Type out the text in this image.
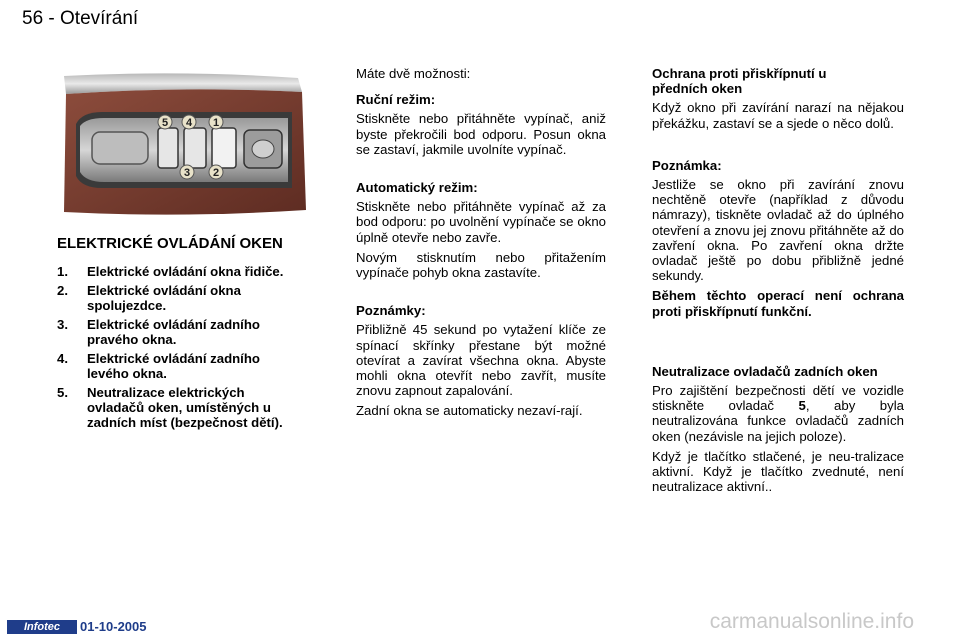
56 - Otevírání
5 4 1
3 2
ELEKTRICKÉ OVLÁDÁNÍ OKEN
1. Elektrické ovládání okna řidiče.
2. Elektrické ovládání okna spolujezdce.
3. Elektrické ovládání zadního pravého okna.
4. Elektrické ovládání zadního levého okna.
5. Neutralizace elektrických ovladačů oken, umístěných u zadních míst (bezpečnost dětí).

Máte dvě možnosti:

Ruční režim:

Stiskněte nebo přitáhněte vypínač, aniž byste překročili bod odporu. Posun okna se zastaví, jakmile uvolníte vypínač.

Automatický režim:

Stiskněte nebo přitáhněte vypínač až za bod odporu: po uvolnění vypínače se okno úplně otevře nebo zavře.

Novým stisknutím nebo přitažením vypínače pohyb okna zastavíte.

Poznámky:

Přibližně 45 sekund po vytažení klíče ze spínací skřínky přestane být možné otevírat a zavírat všechna okna. Abyste mohli okna otevřít nebo zavřít, musíte znovu zapnout zapalování.

Zadní okna se automaticky nezaví-rají.

Ochrana proti přiskřípnutí u předních oken

Když okno při zavírání narazí na nějakou překážku, zastaví se a sjede o něco dolů.

Poznámka:

Jestliže se okno při zavírání znovu nechtěně otevře (například z důvodu námrazy), tiskněte ovladač až do úplného otevření a znovu jej znovu přitáhněte až do zavření okna. Po zavření okna držte ovladač ještě po dobu přibližně jedné sekundy.

Během těchto operací není ochrana proti přiskřípnutí funkční.

Neutralizace ovladačů zadních oken

Pro zajištění bezpečnosti dětí ve vozidle stiskněte ovladač 5, aby byla neutralizována funkce ovladačů zadních oken (nezávisle na jejich poloze).

Když je tlačítko stlačené, je neu-tralizace aktivní. Když je tlačítko zvednuté, není neutralizace aktivní..

Infotec	01-10-2005	carmanualsonline.info
